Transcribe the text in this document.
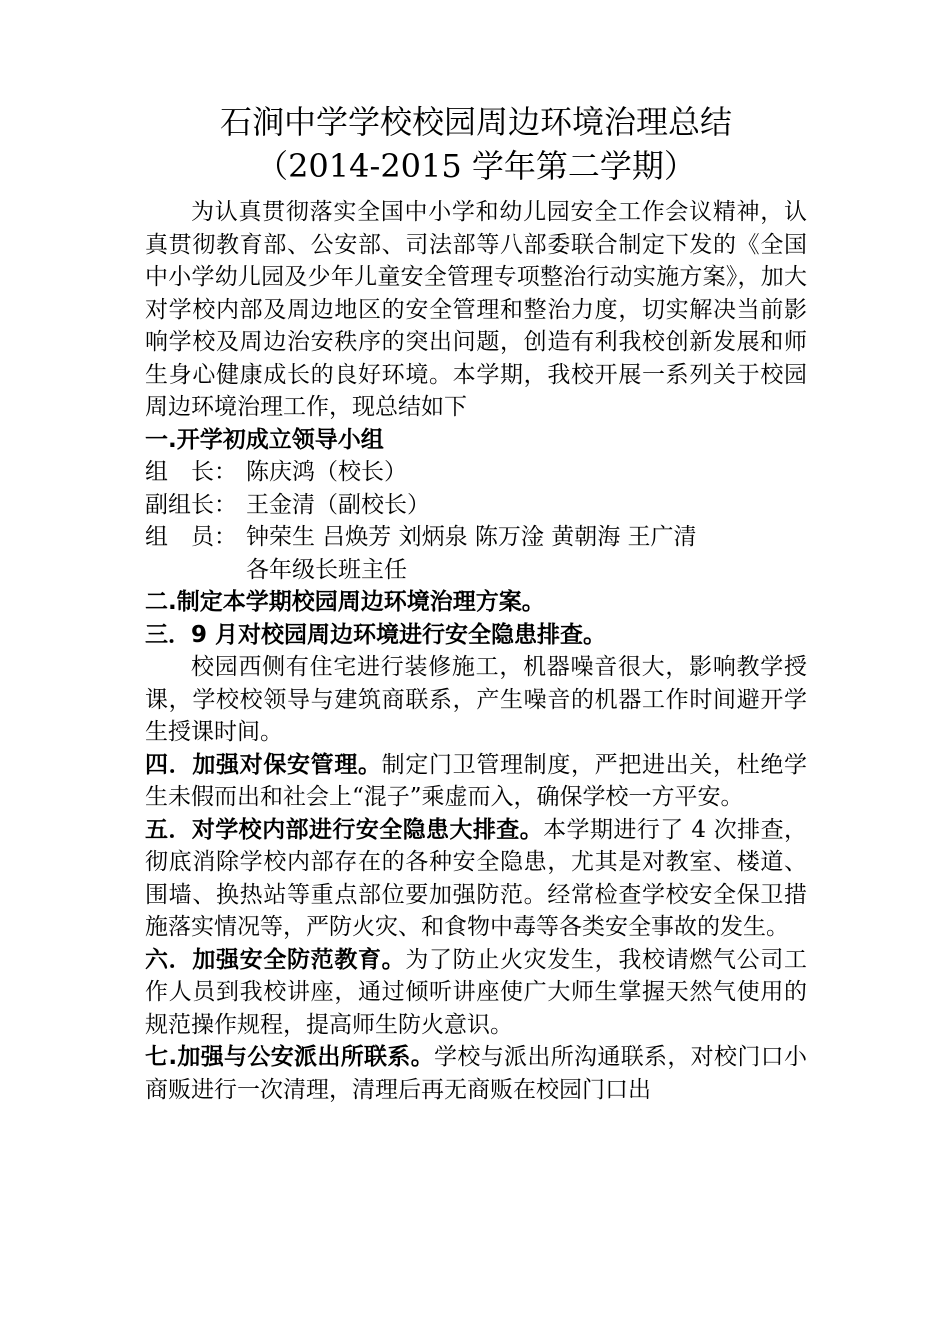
石涧中学学校校园周边环境治理总结
（2014-2015 学年第二学期）

为认真贯彻落实全国中小学和幼儿园安全工作会议精神，认真贯彻教育部、公安部、司法部等八部委联合制定下发的《全国中小学幼儿园及少年儿童安全管理专项整治行动实施方案》，加大对学校内部及周边地区的安全管理和整治力度，切实解决当前影响学校及周边治安秩序的突出问题，创造有利我校创新发展和师生身心健康成长的良好环境。本学期，我校开展一系列关于校园周边环境治理工作，现总结如下

一.开学初成立领导小组

组　长： 陈庆鸿（校长）
副组长： 王金清（副校长）
组　员： 钟荣生 吕焕芳 刘炳泉 陈万淦 黄朝海 王广清
各年级长班主任

二.制定本学期校园周边环境治理方案。

三．9 月对校园周边环境进行安全隐患排查。

校园西侧有住宅进行装修施工，机器噪音很大，影响教学授课，学校校领导与建筑商联系，产生噪音的机器工作时间避开学生授课时间。

四．加强对保安管理。制定门卫管理制度，严把进出关，杜绝学生未假而出和社会上“混子”乘虚而入，确保学校一方平安。

五．对学校内部进行安全隐患大排查。本学期进行了 4 次排查，彻底消除学校内部存在的各种安全隐患，尤其是对教室、楼道、围墙、换热站等重点部位要加强防范。经常检查学校安全保卫措施落实情况等，严防火灾、和食物中毒等各类安全事故的发生。

六．加强安全防范教育。为了防止火灾发生，我校请燃气公司工作人员到我校讲座，通过倾听讲座使广大师生掌握天然气使用的规范操作规程，提高师生防火意识。

七.加强与公安派出所联系。学校与派出所沟通联系，对校门口小商贩进行一次清理，清理后再无商贩在校园门口出
